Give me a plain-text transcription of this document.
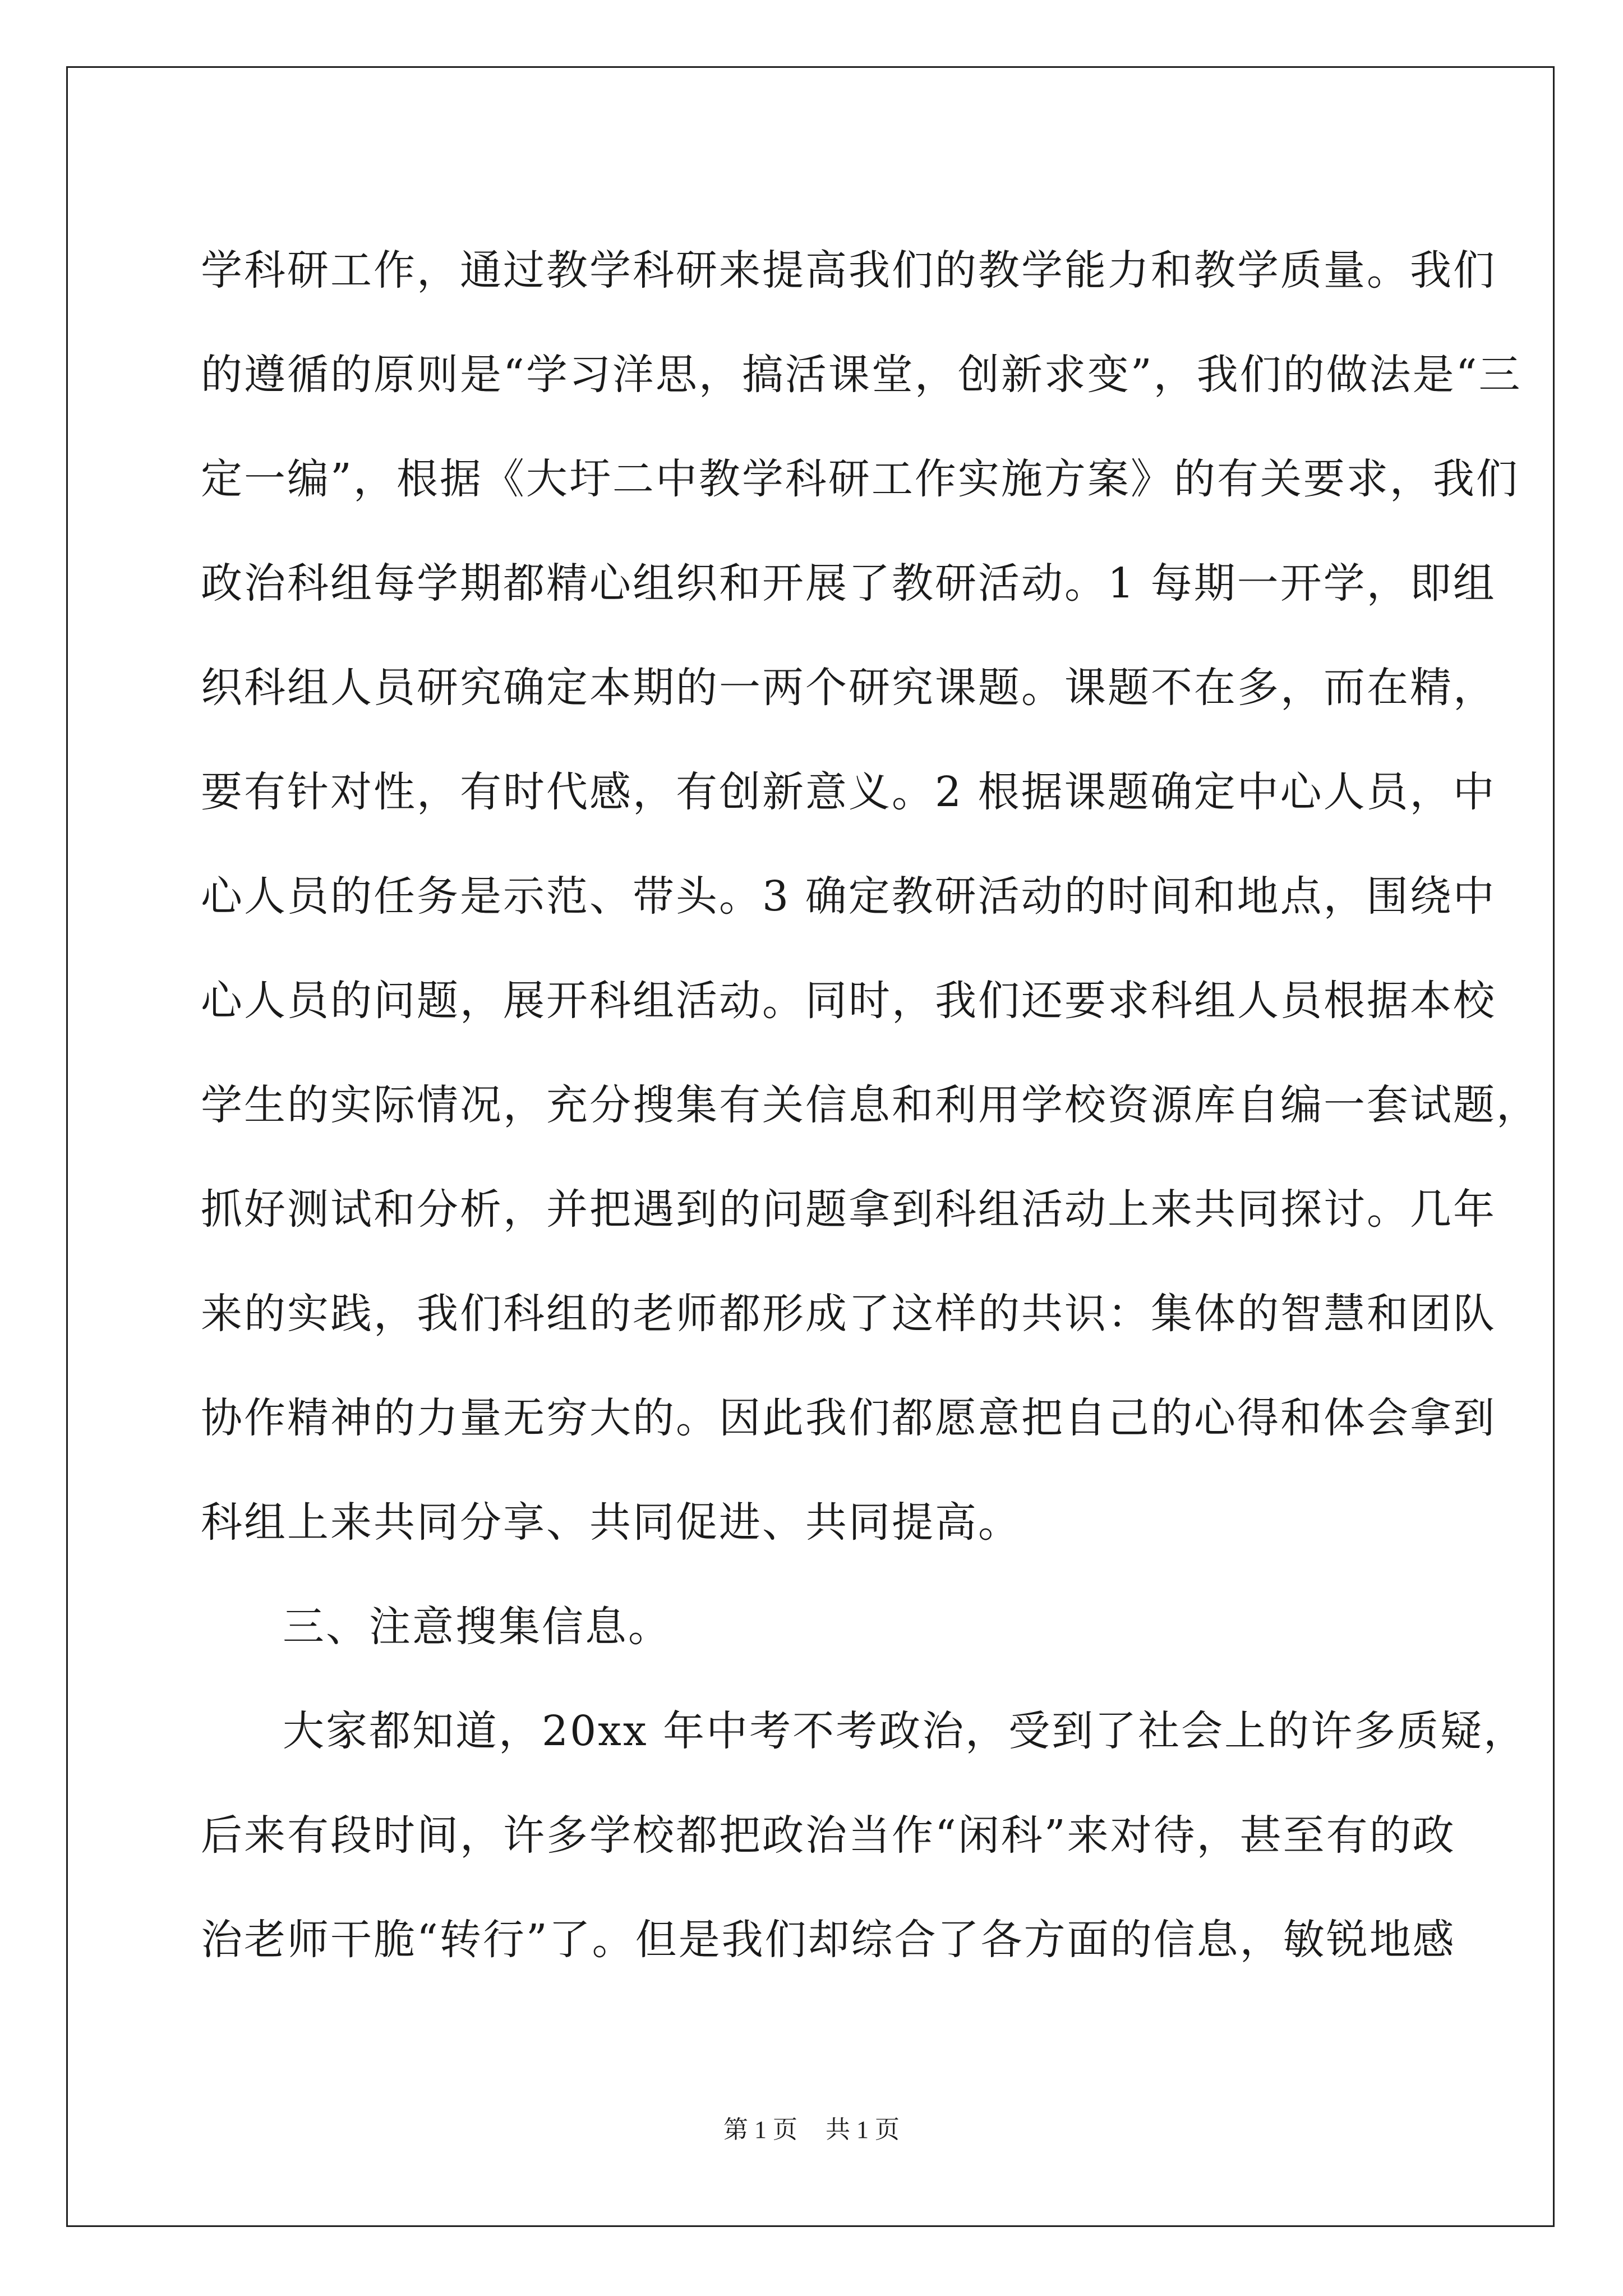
学科研工作，通过教学科研来提高我们的教学能力和教学质量。我们
的遵循的原则是“学习洋思，搞活课堂，创新求变”，我们的做法是“三
定一编”，根据《大圩二中教学科研工作实施方案》的有关要求，我们
政治科组每学期都精心组织和开展了教研活动。1 每期一开学，即组
织科组人员研究确定本期的一两个研究课题。课题不在多，而在精，
要有针对性，有时代感，有创新意义。2 根据课题确定中心人员，中
心人员的任务是示范、带头。3 确定教研活动的时间和地点，围绕中
心人员的问题，展开科组活动。同时，我们还要求科组人员根据本校
学生的实际情况，充分搜集有关信息和利用学校资源库自编一套试题，
抓好测试和分析，并把遇到的问题拿到科组活动上来共同探讨。几年
来的实践，我们科组的老师都形成了这样的共识：集体的智慧和团队
协作精神的力量无穷大的。因此我们都愿意把自己的心得和体会拿到
科组上来共同分享、共同促进、共同提高。
三、注意搜集信息。
大家都知道，20xx 年中考不考政治，受到了社会上的许多质疑，
后来有段时间，许多学校都把政治当作“闲科”来对待，甚至有的政
治老师干脆“转行”了。但是我们却综合了各方面的信息，敏锐地感
第 1 页 共 1 页
